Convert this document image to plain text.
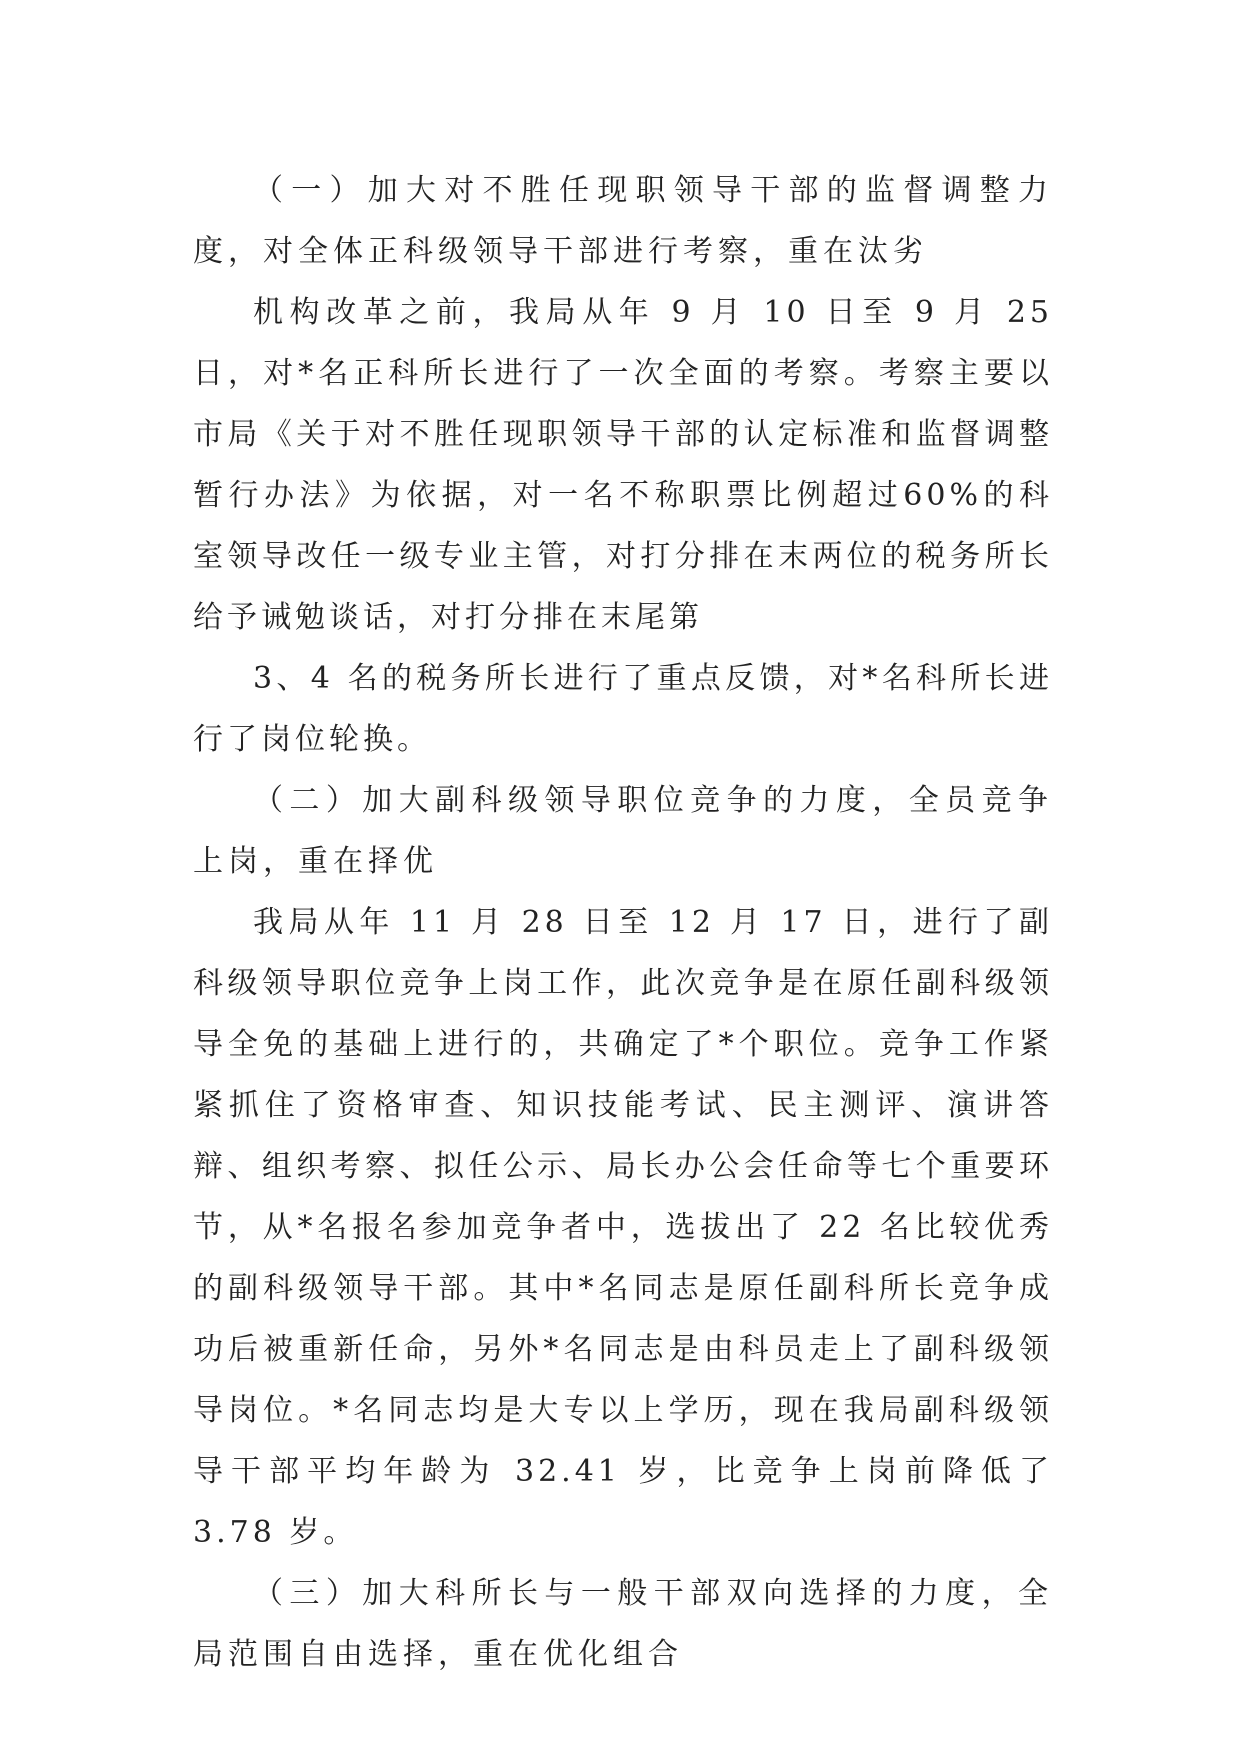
（一）加大对不胜任现职领导干部的监督调整力度，对全体正科级领导干部进行考察，重在汰劣

机构改革之前，我局从年 9 月 10 日至 9 月 25 日，对*名正科所长进行了一次全面的考察。考察主要以市局《关于对不胜任现职领导干部的认定标准和监督调整暂行办法》为依据，对一名不称职票比例超过60%的科室领导改任一级专业主管，对打分排在末两位的税务所长给予诫勉谈话，对打分排在末尾第

3、4 名的税务所长进行了重点反馈，对*名科所长进行了岗位轮换。

（二）加大副科级领导职位竞争的力度，全员竞争上岗，重在择优

我局从年 11 月 28 日至 12 月 17 日，进行了副科级领导职位竞争上岗工作，此次竞争是在原任副科级领导全免的基础上进行的，共确定了*个职位。竞争工作紧紧抓住了资格审查、知识技能考试、民主测评、演讲答辩、组织考察、拟任公示、局长办公会任命等七个重要环节，从*名报名参加竞争者中，选拔出了 22 名比较优秀的副科级领导干部。其中*名同志是原任副科所长竞争成功后被重新任命，另外*名同志是由科员走上了副科级领导岗位。*名同志均是大专以上学历，现在我局副科级领导干部平均年龄为 32.41 岁，比竞争上岗前降低了 3.78 岁。

（三）加大科所长与一般干部双向选择的力度，全局范围自由选择，重在优化组合
